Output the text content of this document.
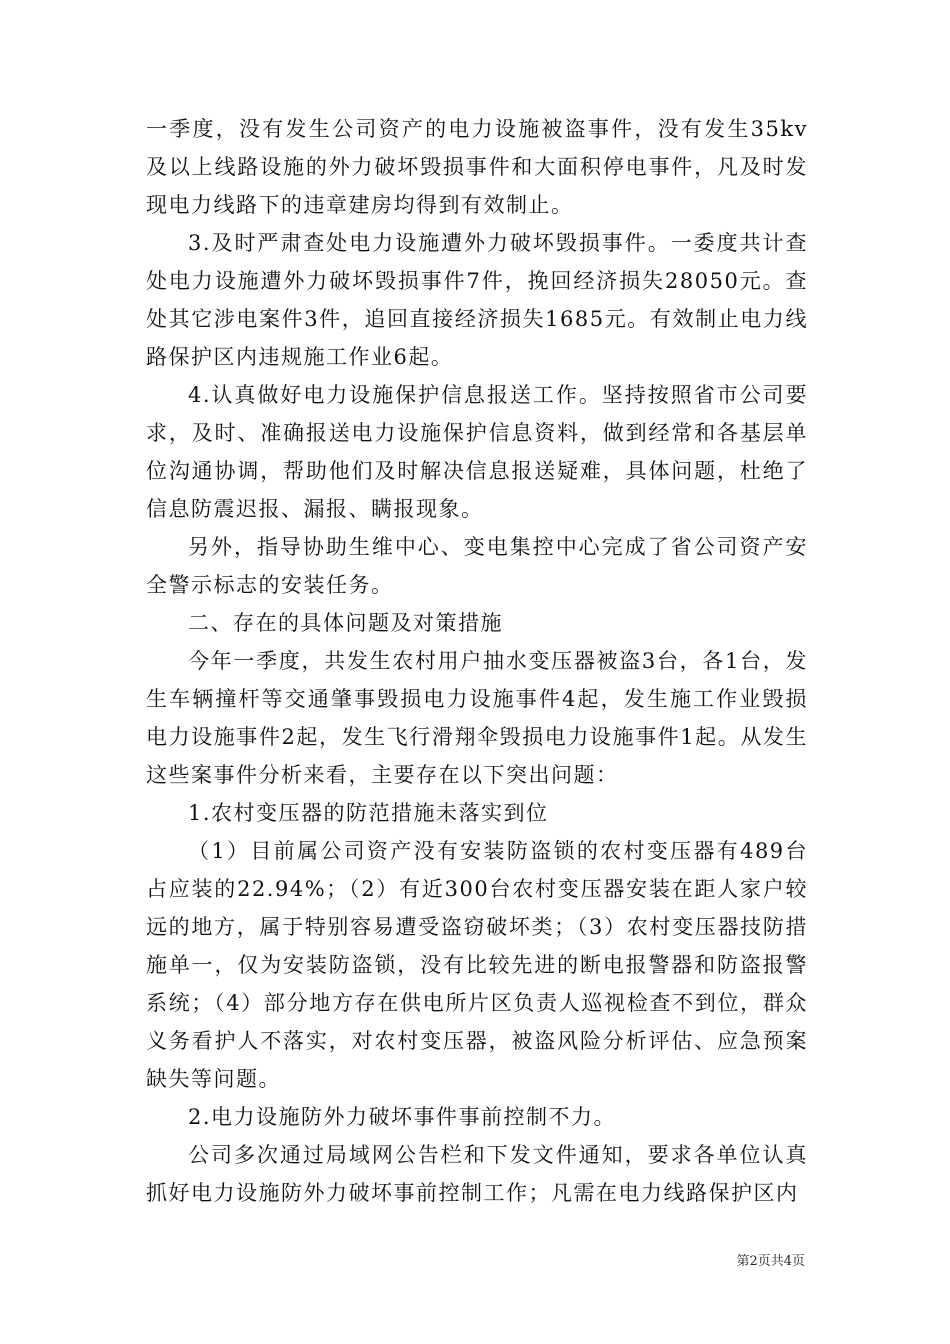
一季度，没有发生公司资产的电力设施被盗事件，没有发生35kv及以上线路设施的外力破坏毁损事件和大面积停电事件，凡及时发现电力线路下的违章建房均得到有效制止。

3.及时严肃查处电力设施遭外力破坏毁损事件。一委度共计查处电力设施遭外力破坏毁损事件7件，挽回经济损失28050元。查处其它涉电案件3件，追回直接经济损失1685元。有效制止电力线路保护区内违规施工作业6起。

4.认真做好电力设施保护信息报送工作。坚持按照省市公司要求，及时、准确报送电力设施保护信息资料，做到经常和各基层单位沟通协调，帮助他们及时解决信息报送疑难，具体问题，杜绝了信息防震迟报、漏报、瞒报现象。

另外，指导协助生维中心、变电集控中心完成了省公司资产安全警示标志的安装任务。

二、存在的具体问题及对策措施

今年一季度，共发生农村用户抽水变压器被盗3台，各1台，发生车辆撞杆等交通肇事毁损电力设施事件4起，发生施工作业毁损电力设施事件2起，发生飞行滑翔伞毁损电力设施事件1起。从发生这些案事件分析来看，主要存在以下突出问题：

1.农村变压器的防范措施未落实到位

（1）目前属公司资产没有安装防盗锁的农村变压器有489台占应装的22.94%；（2）有近300台农村变压器安装在距人家户较远的地方，属于特别容易遭受盗窃破坏类；（3）农村变压器技防措施单一，仅为安装防盗锁，没有比较先进的断电报警器和防盗报警系统；（4）部分地方存在供电所片区负责人巡视检查不到位，群众义务看护人不落实，对农村变压器，被盗风险分析评估、应急预案缺失等问题。

2.电力设施防外力破坏事件事前控制不力。

公司多次通过局域网公告栏和下发文件通知，要求各单位认真抓好电力设施防外力破坏事前控制工作；凡需在电力线路保护区内

第2页共4页
